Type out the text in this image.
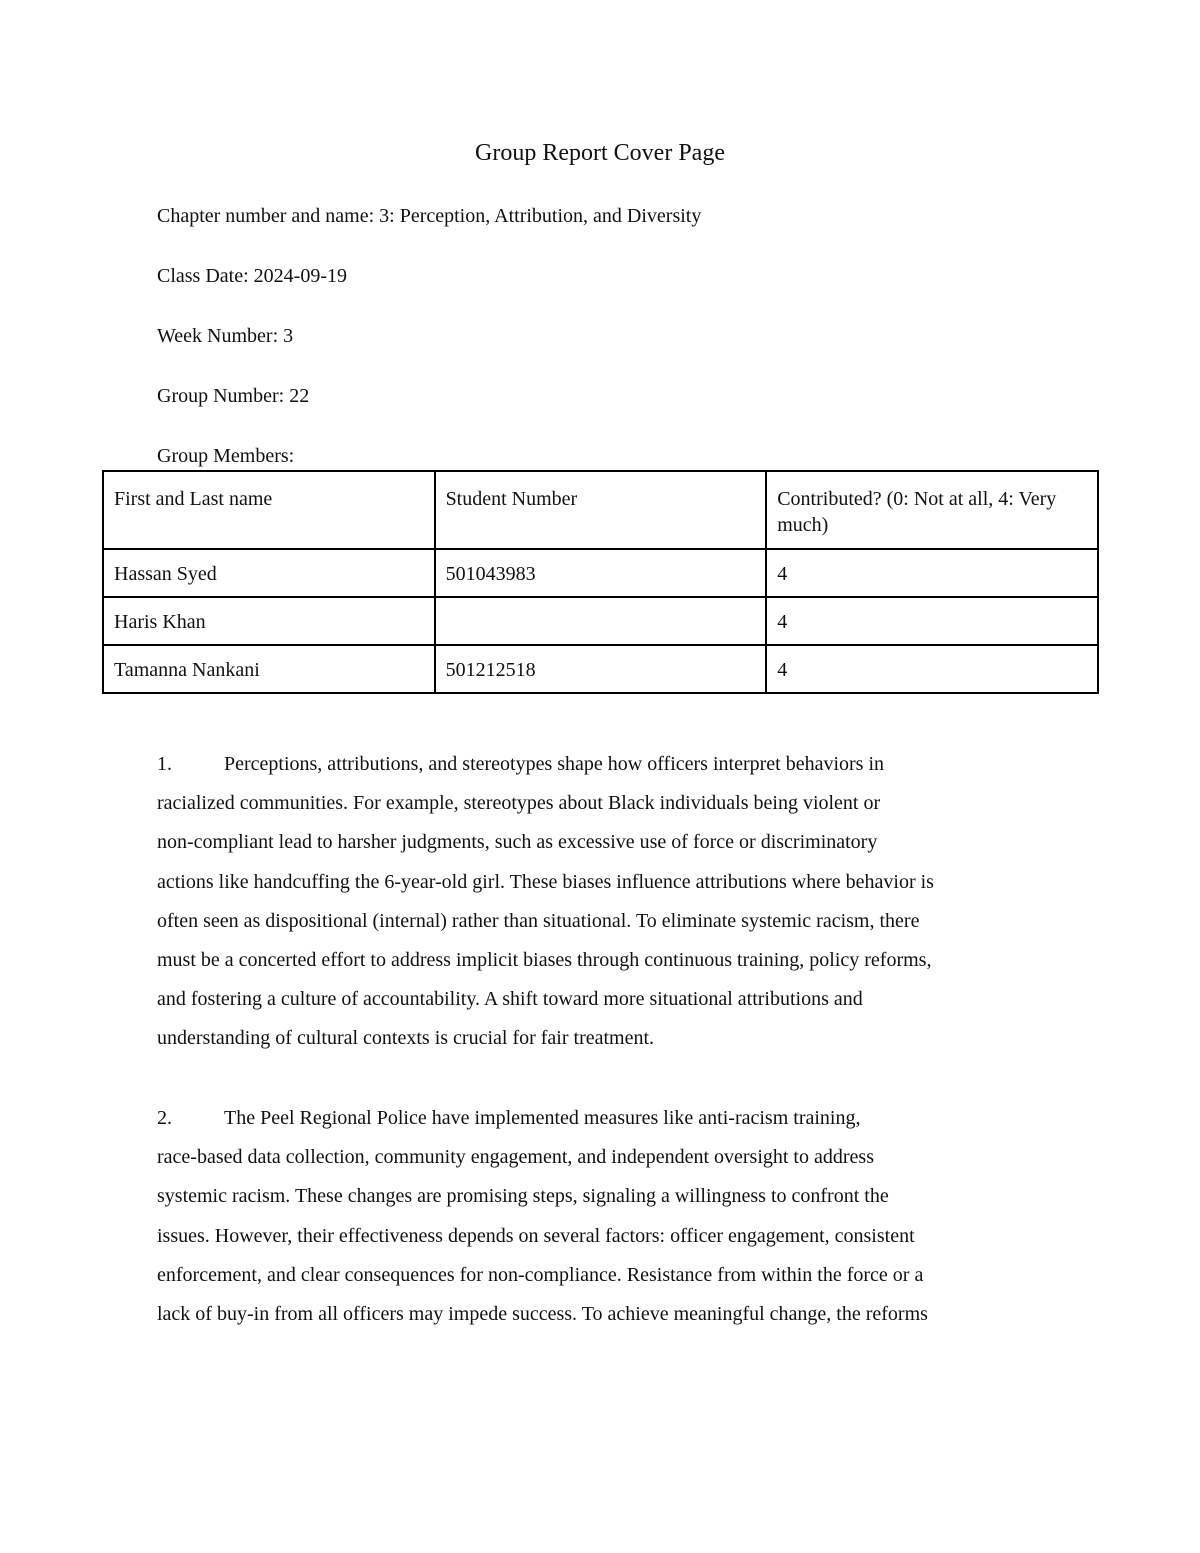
Group Report Cover Page
Chapter number and name: 3: Perception, Attribution, and Diversity
Class Date: 2024-09-19
Week Number: 3
Group Number: 22
Group Members:
First and Last name	Student Number	Contributed? (0: Not at all, 4: Very much)

Hassan Syed	501043983	4

Haris Khan		4

Tamanna Nankani	501212518	4
1.	Perceptions, attributions, and stereotypes shape how officers interpret behaviors in
racialized communities. For example, stereotypes about Black individuals being violent or
non-compliant lead to harsher judgments, such as excessive use of force or discriminatory
actions like handcuffing the 6-year-old girl. These biases influence attributions where behavior is
often seen as dispositional (internal) rather than situational. To eliminate systemic racism, there
must be a concerted effort to address implicit biases through continuous training, policy reforms,
and fostering a culture of accountability. A shift toward more situational attributions and
understanding of cultural contexts is crucial for fair treatment.
2.	The Peel Regional Police have implemented measures like anti-racism training,
race-based data collection, community engagement, and independent oversight to address
systemic racism. These changes are promising steps, signaling a willingness to confront the
issues. However, their effectiveness depends on several factors: officer engagement, consistent
enforcement, and clear consequences for non-compliance. Resistance from within the force or a
lack of buy-in from all officers may impede success. To achieve meaningful change, the reforms
